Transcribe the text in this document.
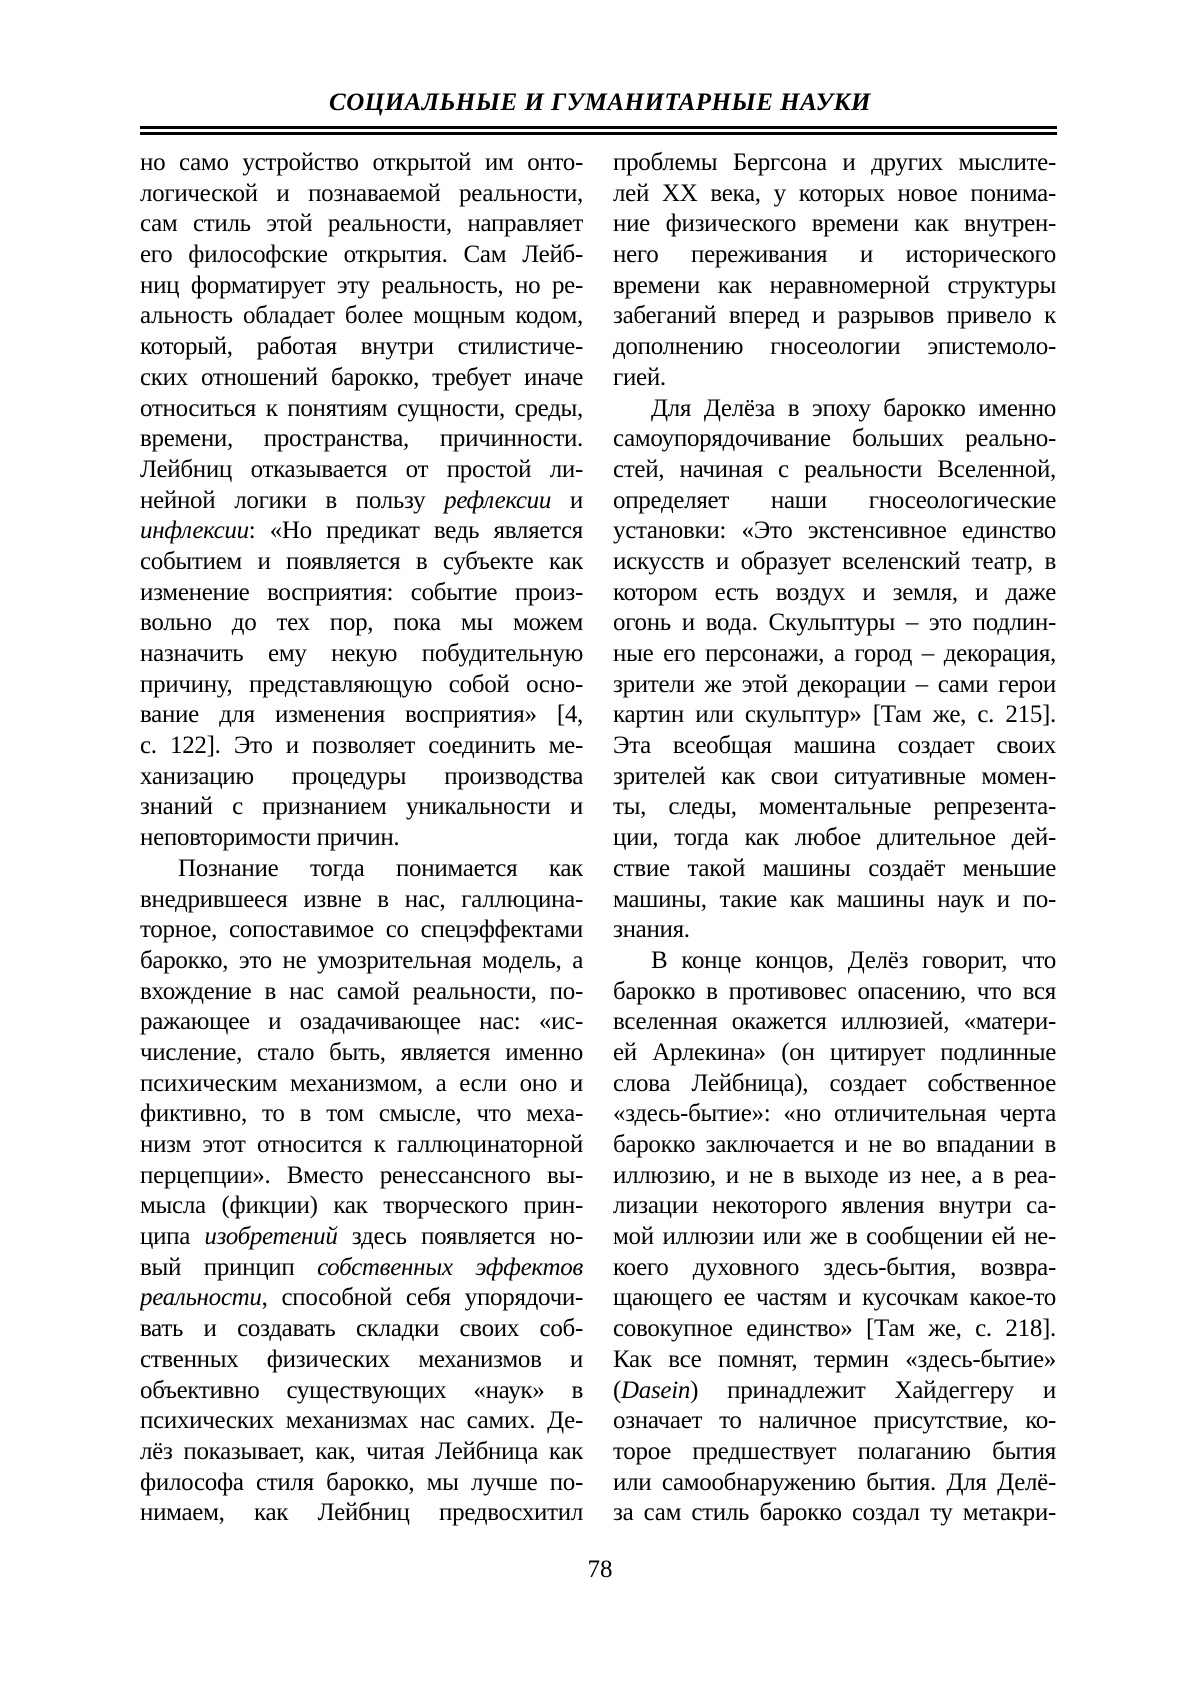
СОЦИАЛЬНЫЕ И ГУМАНИТАРНЫЕ НАУКИ
но само устройство открытой им онто-
логической и познаваемой реальности,
сам стиль этой реальности, направляет
его философские открытия. Сам Лейб-
ниц форматирует эту реальность, но ре-
альность обладает более мощным кодом,
который, работая внутри стилистиче-
ских отношений барокко, требует иначе
относиться к понятиям сущности, среды,
времени, пространства, причинности.
Лейбниц отказывается от простой ли-
нейной логики в пользу рефлексии и
инфлексии: «Но предикат ведь является
событием и появляется в субъекте как
изменение восприятия: событие произ-
вольно до тех пор, пока мы можем
назначить ему некую побудительную
причину, представляющую собой осно-
вание для изменения восприятия» [4,
с. 122]. Это и позволяет соединить ме-
ханизацию процедуры производства
знаний с признанием уникальности и
неповторимости причин.
Познание тогда понимается как
внедрившееся извне в нас, галлюцина-
торное, сопоставимое со спецэффектами
барокко, это не умозрительная модель, а
вхождение в нас самой реальности, по-
ражающее и озадачивающее нас: «ис-
числение, стало быть, является именно
психическим механизмом, а если оно и
фиктивно, то в том смысле, что меха-
низм этот относится к галлюцинаторной
перцепции». Вместо ренессансного вы-
мысла (фикции) как творческого прин-
ципа изобретений здесь появляется но-
вый принцип собственных эффектов
реальности, способной себя упорядочи-
вать и создавать складки своих соб-
ственных физических механизмов и
объективно существующих «наук» в
психических механизмах нас самих. Де-
лёз показывает, как, читая Лейбница как
философа стиля барокко, мы лучше по-
нимаем, как Лейбниц предвосхитил
проблемы Бергсона и других мыслите-
лей XX века, у которых новое понима-
ние физического времени как внутрен-
него переживания и исторического
времени как неравномерной структуры
забеганий вперед и разрывов привело к
дополнению гносеологии эпистемоло-
гией.
Для Делёза в эпоху барокко именно
самоупорядочивание больших реально-
стей, начиная с реальности Вселенной,
определяет наши гносеологические
установки: «Это экстенсивное единство
искусств и образует вселенский театр, в
котором есть воздух и земля, и даже
огонь и вода. Скульптуры – это подлин-
ные его персонажи, а город – декорация,
зрители же этой декорации – сами герои
картин или скульптур» [Там же, с. 215].
Эта всеобщая машина создает своих
зрителей как свои ситуативные момен-
ты, следы, моментальные репрезента-
ции, тогда как любое длительное дей-
ствие такой машины создаёт меньшие
машины, такие как машины наук и по-
знания.
В конце концов, Делёз говорит, что
барокко в противовес опасению, что вся
вселенная окажется иллюзией, «матери-
ей Арлекина» (он цитирует подлинные
слова Лейбница), создает собственное
«здесь-бытие»: «но отличительная черта
барокко заключается и не во впадании в
иллюзию, и не в выходе из нее, а в реа-
лизации некоторого явления внутри са-
мой иллюзии или же в сообщении ей не-
коего духовного здесь-бытия, возвра-
щающего ее частям и кусочкам какое-то
совокупное единство» [Там же, с. 218].
Как все помнят, термин «здесь-бытие»
(Dasein) принадлежит Хайдеггеру и
означает то наличное присутствие, ко-
торое предшествует полаганию бытия
или самообнаружению бытия. Для Делё-
за сам стиль барокко создал ту метакри-
78
